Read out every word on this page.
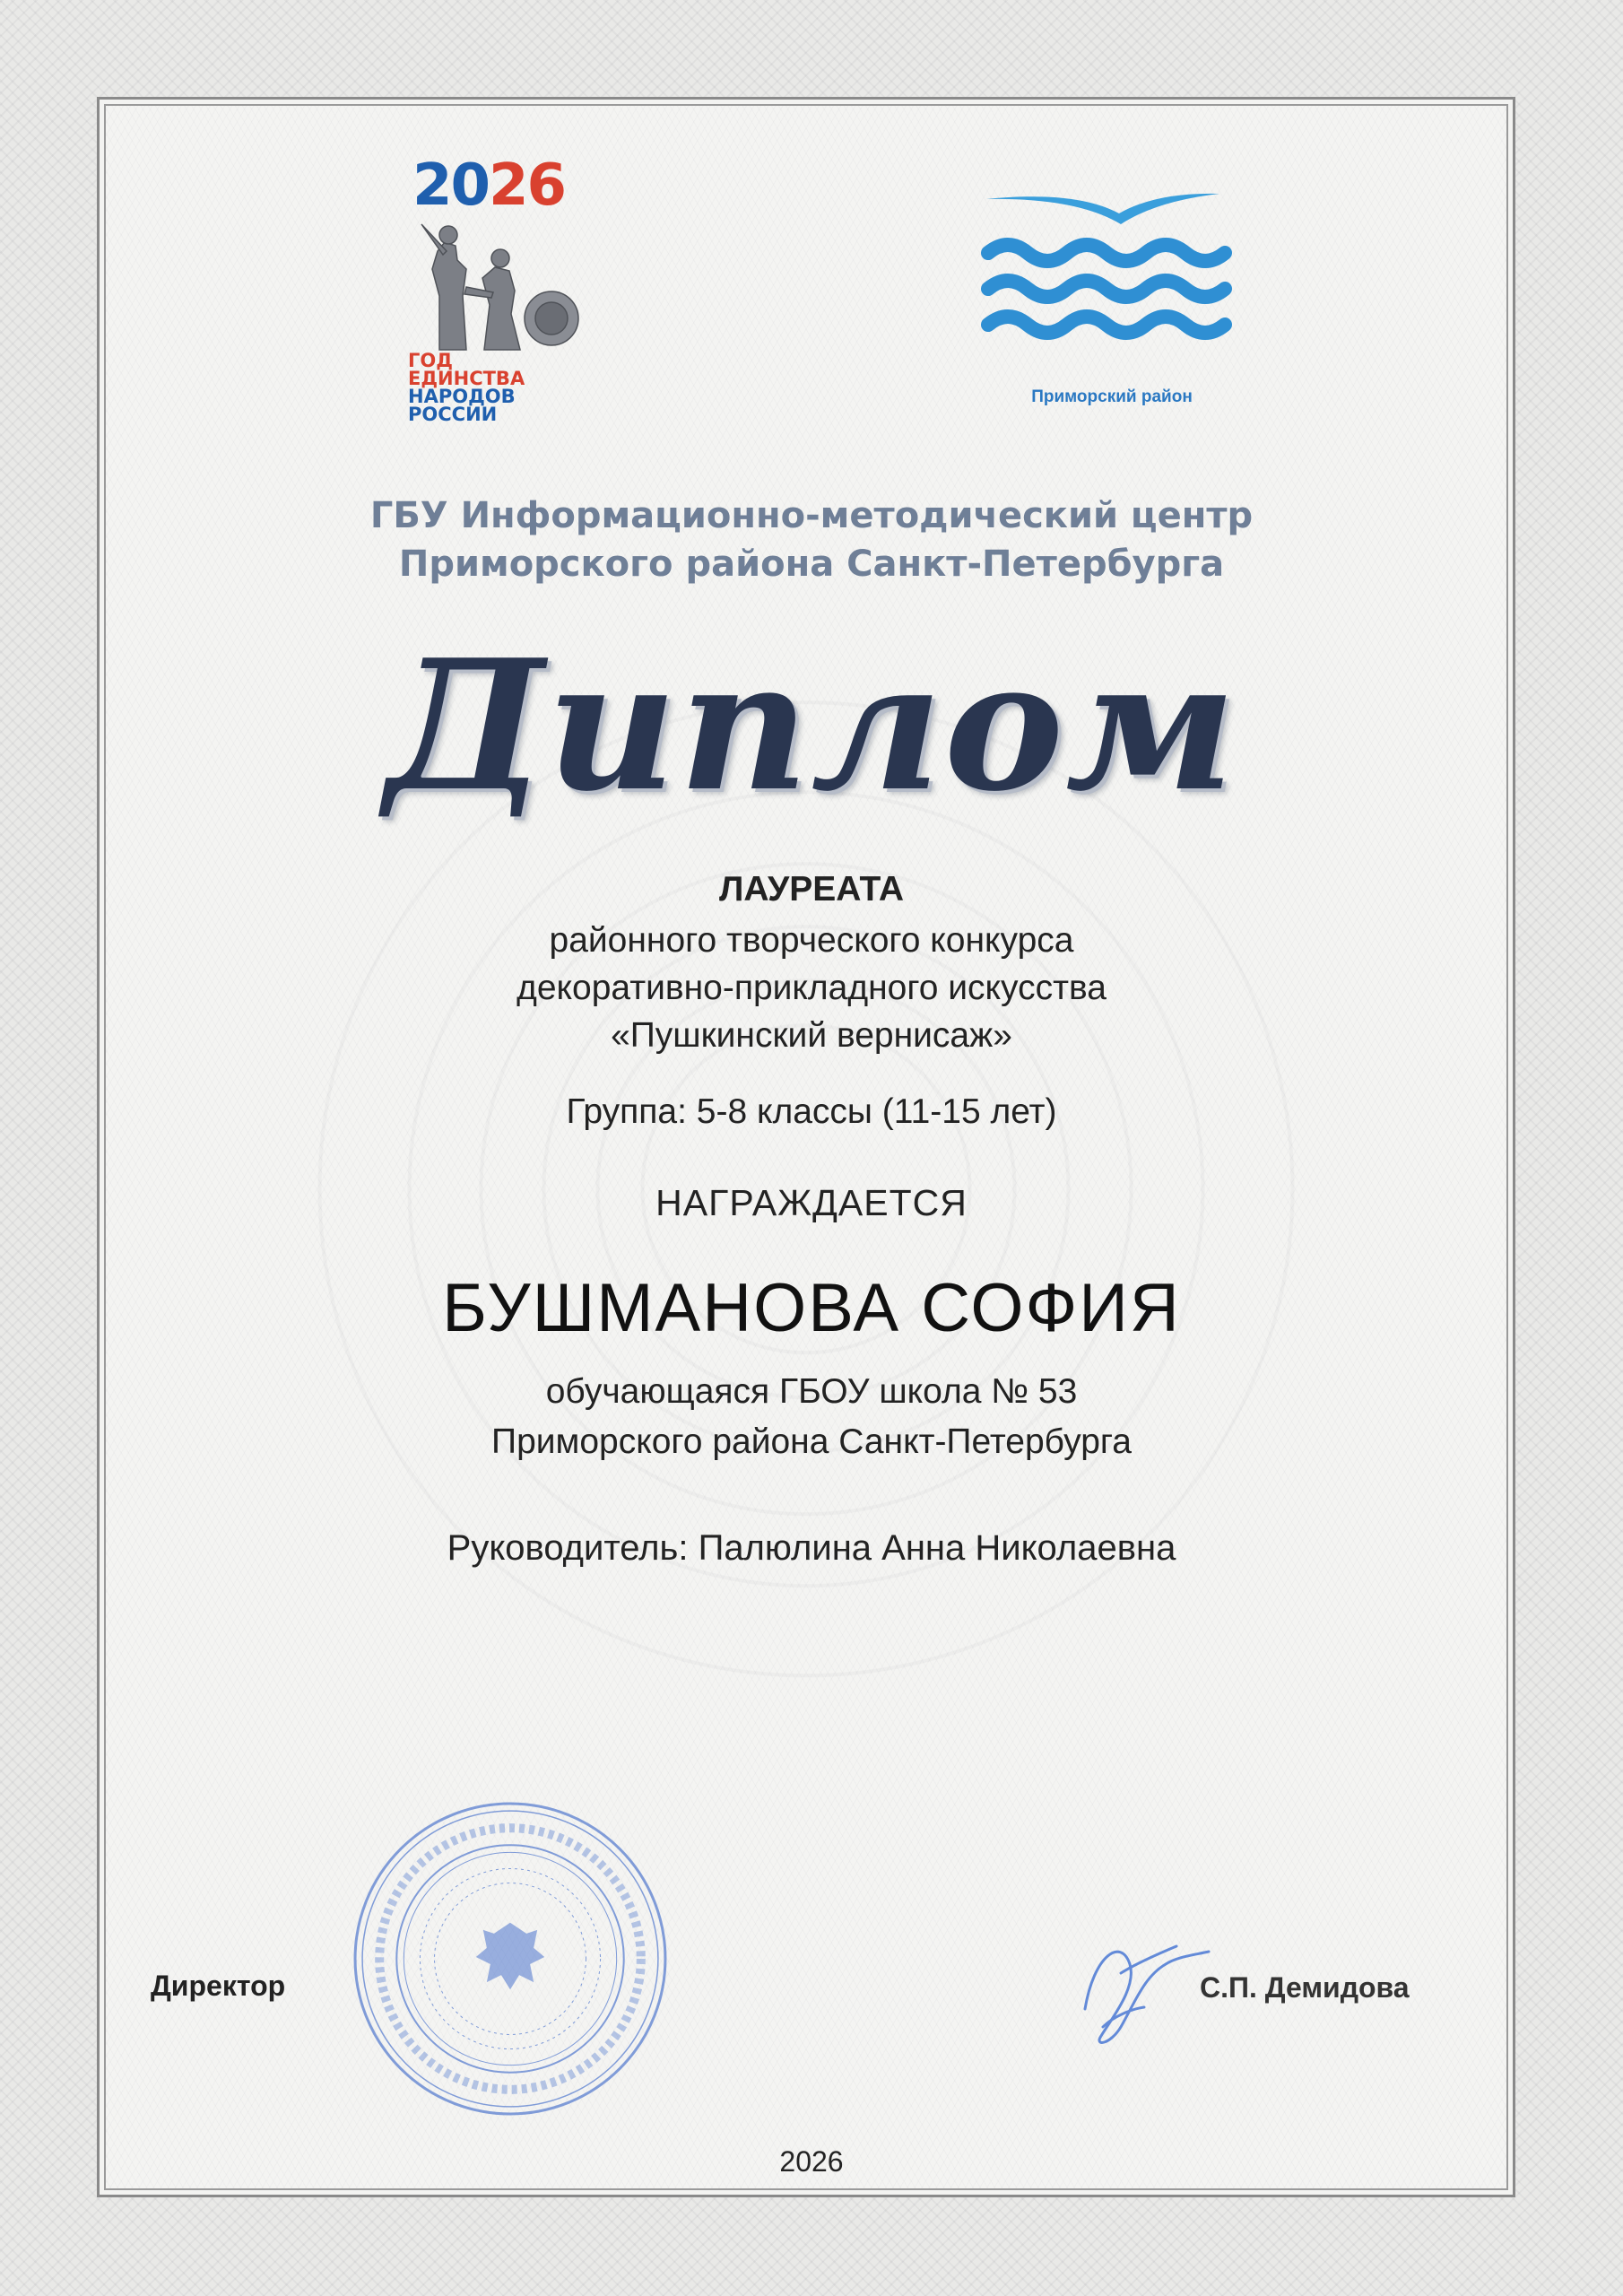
2026
ГОД
ЕДИНСТВА
НАРОДОВ
РОССИИ
Приморский район
ГБУ Информационно-методический центр
Приморского района Санкт-Петербурга
Диплом
ЛАУРЕАТА
районного творческого конкурса
декоративно-прикладного искусства
«Пушкинский вернисаж»
Группа: 5-8 классы (11-15 лет)
НАГРАЖДАЕТСЯ
БУШМАНОВА СОФИЯ
обучающаяся ГБОУ школа № 53
Приморского района Санкт-Петербурга
Руководитель: Палюлина Анна Николаевна
Директор	С.П. Демидова
2026
